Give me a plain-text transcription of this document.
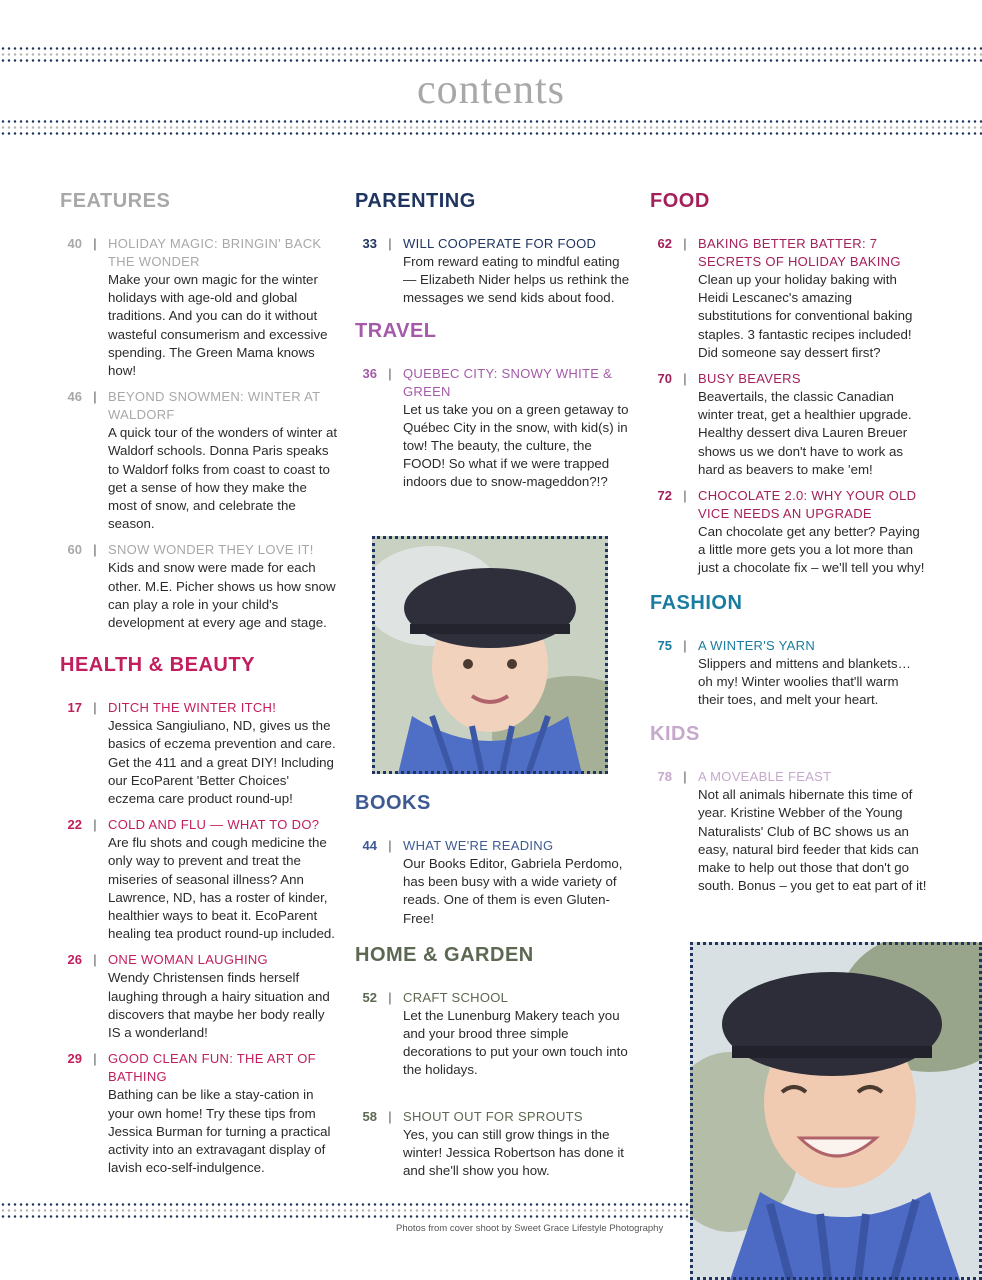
contents
FEATURES
40 | HOLIDAY MAGIC: BRINGIN' BACK THE WONDER
Make your own magic for the winter holidays with age-old and global traditions. And you can do it without wasteful consumerism and excessive spending. The Green Mama knows how!
46 | BEYOND SNOWMEN: WINTER AT WALDORF
A quick tour of the wonders of winter at Waldorf schools. Donna Paris speaks to Waldorf folks from coast to coast to get a sense of how they make the most of snow, and celebrate the season.
60 | SNOW WONDER THEY LOVE IT!
Kids and snow were made for each other. M.E. Picher shows us how snow can play a role in your child's development at every age and stage.
HEALTH & BEAUTY
17 | DITCH THE WINTER ITCH!
Jessica Sangiuliano, ND, gives us the basics of eczema prevention and care. Get the 411 and a great DIY! Including our EcoParent 'Better Choices' eczema care product round-up!
22 | COLD AND FLU — WHAT TO DO?
Are flu shots and cough medicine the only way to prevent and treat the miseries of seasonal illness? Ann Lawrence, ND, has a roster of kinder, healthier ways to beat it. EcoParent healing tea product round-up included.
26 | ONE WOMAN LAUGHING
Wendy Christensen finds herself laughing through a hairy situation and discovers that maybe her body really IS a wonderland!
29 | GOOD CLEAN FUN: THE ART OF BATHING
Bathing can be like a stay-cation in your own home! Try these tips from Jessica Burman for turning a practical activity into an extravagant display of lavish eco-self-indulgence.
PARENTING
33 | WILL COOPERATE FOR FOOD
From reward eating to mindful eating — Elizabeth Nider helps us rethink the messages we send kids about food.
TRAVEL
36 | QUEBEC CITY: SNOWY WHITE & GREEN
Let us take you on a green getaway to Québec City in the snow, with kid(s) in tow! The beauty, the culture, the FOOD! So what if we were trapped indoors due to snow-mageddon?!?
BOOKS
44 | WHAT WE'RE READING
Our Books Editor, Gabriela Perdomo, has been busy with a wide variety of reads. One of them is even Gluten-Free!
HOME & GARDEN
52 | CRAFT SCHOOL
Let the Lunenburg Makery teach you and your brood three simple decorations to put your own touch into the holidays.
58 | SHOUT OUT FOR SPROUTS
Yes, you can still grow things in the winter! Jessica Robertson has done it and she'll show you how.
FOOD
62 | BAKING BETTER BATTER: 7 SECRETS OF HOLIDAY BAKING
Clean up your holiday baking with Heidi Lescanec's amazing substitutions for conventional baking staples. 3 fantastic recipes included! Did someone say dessert first?
70 | BUSY BEAVERS
Beavertails, the classic Canadian winter treat, get a healthier upgrade. Healthy dessert diva Lauren Breuer shows us we don't have to work as hard as beavers to make 'em!
72 | CHOCOLATE 2.0: WHY YOUR OLD VICE NEEDS AN UPGRADE
Can chocolate get any better? Paying a little more gets you a lot more than just a chocolate fix – we'll tell you why!
FASHION
75 | A WINTER'S YARN
Slippers and mittens and blankets… oh my! Winter woolies that'll warm their toes, and melt your heart.
KIDS
78 | A MOVEABLE FEAST
Not all animals hibernate this time of year. Kristine Webber of the Young Naturalists' Club of BC shows us an easy, natural bird feeder that kids can make to help out those that don't go south. Bonus – you get to eat part of it!
Photos from cover shoot by Sweet Grace Lifestyle Photography
